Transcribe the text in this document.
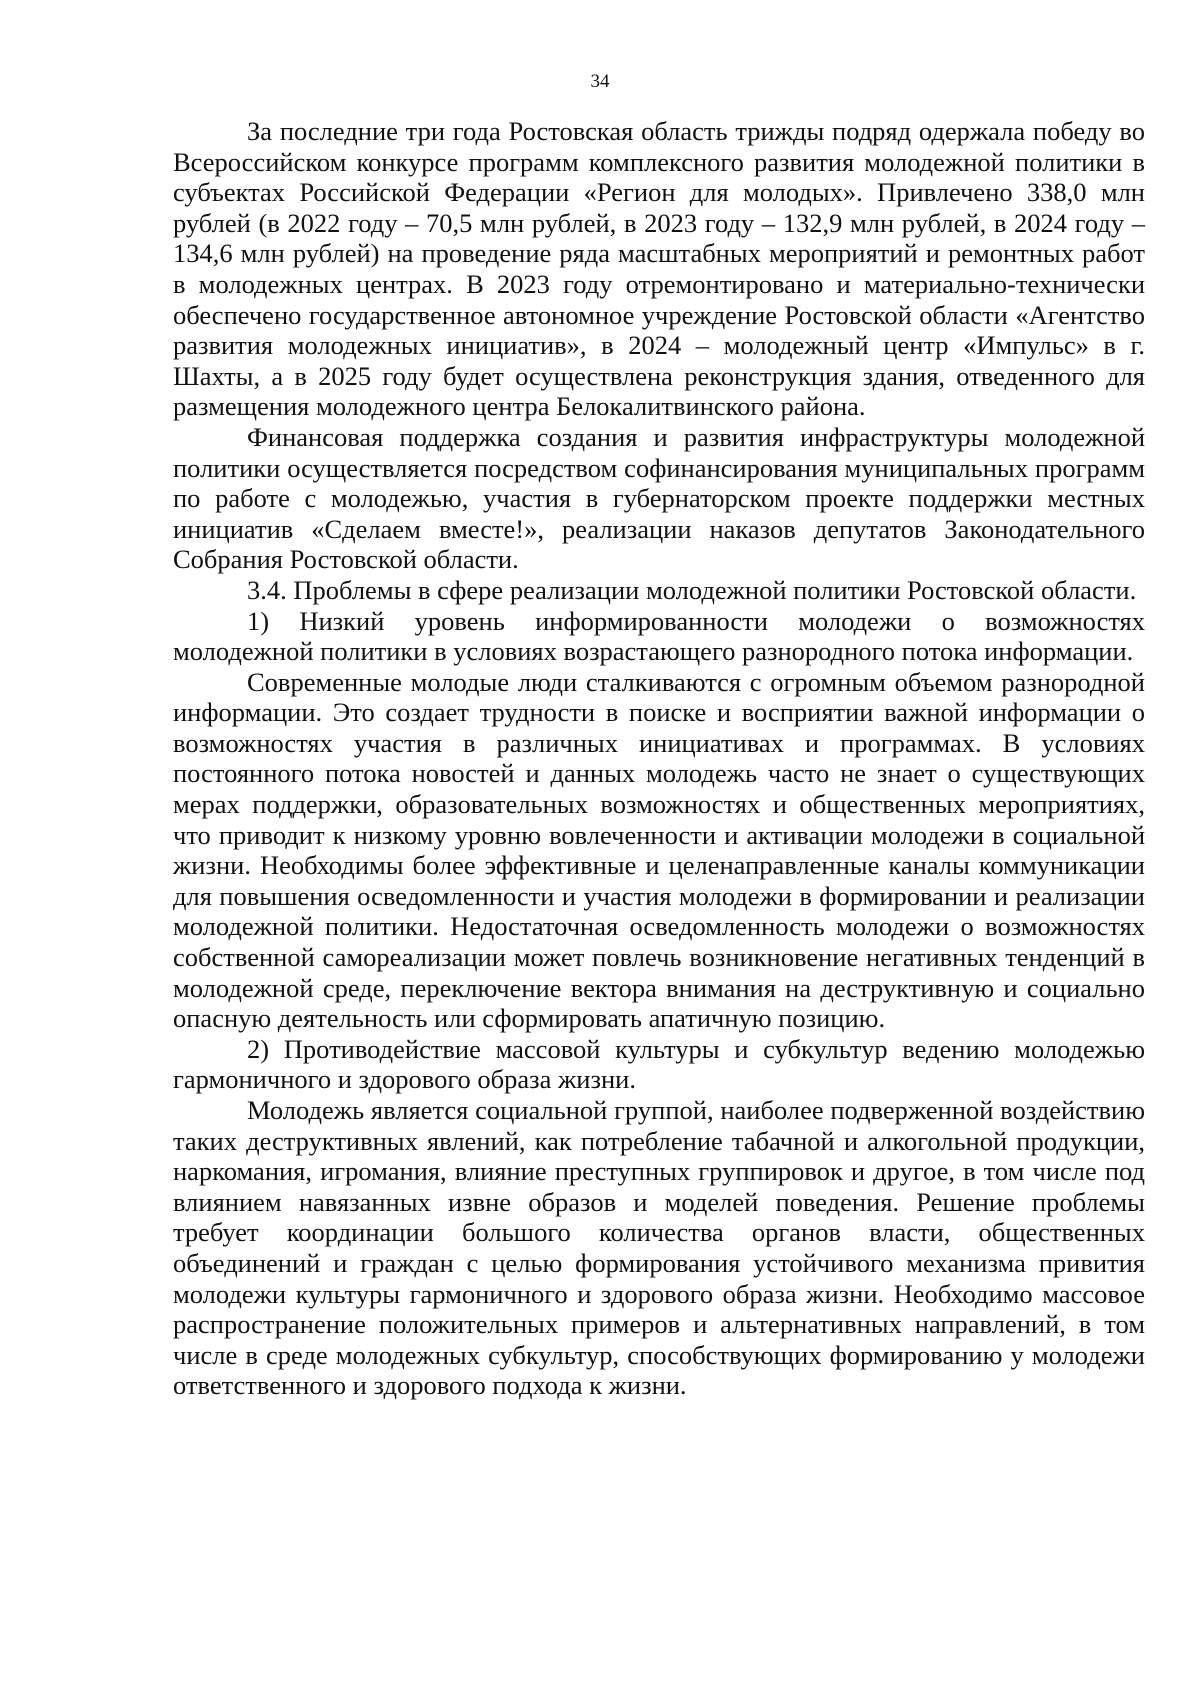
34

За последние три года Ростовская область трижды подряд одержала победу во Всероссийском конкурсе программ комплексного развития молодежной политики в субъектах Российской Федерации «Регион для молодых». Привлечено 338,0 млн рублей (в 2022 году – 70,5 млн рублей, в 2023 году – 132,9 млн рублей, в 2024 году – 134,6 млн рублей) на проведение ряда масштабных мероприятий и ремонтных работ в молодежных центрах. В 2023 году отремонтировано и материально-технически обеспечено государственное автономное учреждение Ростовской области «Агентство развития молодежных инициатив», в 2024 – молодежный центр «Импульс» в г. Шахты, а в 2025 году будет осуществлена реконструкция здания, отведенного для размещения молодежного центра Белокалитвинского района.

Финансовая поддержка создания и развития инфраструктуры молодежной политики осуществляется посредством софинансирования муниципальных программ по работе с молодежью, участия в губернаторском проекте поддержки местных инициатив «Сделаем вместе!», реализации наказов депутатов Законодательного Собрания Ростовской области.

3.4. Проблемы в сфере реализации молодежной политики Ростовской области.

1) Низкий уровень информированности молодежи о возможностях молодежной политики в условиях возрастающего разнородного потока информации.

Современные молодые люди сталкиваются с огромным объемом разнородной информации. Это создает трудности в поиске и восприятии важной информации о возможностях участия в различных инициативах и программах. В условиях постоянного потока новостей и данных молодежь часто не знает о существующих мерах поддержки, образовательных возможностях и общественных мероприятиях, что приводит к низкому уровню вовлеченности и активации молодежи в социальной жизни. Необходимы более эффективные и целенаправленные каналы коммуникации для повышения осведомленности и участия молодежи в формировании и реализации молодежной политики. Недостаточная осведомленность молодежи о возможностях собственной самореализации может повлечь возникновение негативных тенденций в молодежной среде, переключение вектора внимания на деструктивную и социально опасную деятельность или сформировать апатичную позицию.

2) Противодействие массовой культуры и субкультур ведению молодежью гармоничного и здорового образа жизни.

Молодежь является социальной группой, наиболее подверженной воздействию таких деструктивных явлений, как потребление табачной и алкогольной продукции, наркомания, игромания, влияние преступных группировок и другое, в том числе под влиянием навязанных извне образов и моделей поведения. Решение проблемы требует координации большого количества органов власти, общественных объединений и граждан с целью формирования устойчивого механизма привития молодежи культуры гармоничного и здорового образа жизни. Необходимо массовое распространение положительных примеров и альтернативных направлений, в том числе в среде молодежных субкультур, способствующих формированию у молодежи ответственного и здорового подхода к жизни.
